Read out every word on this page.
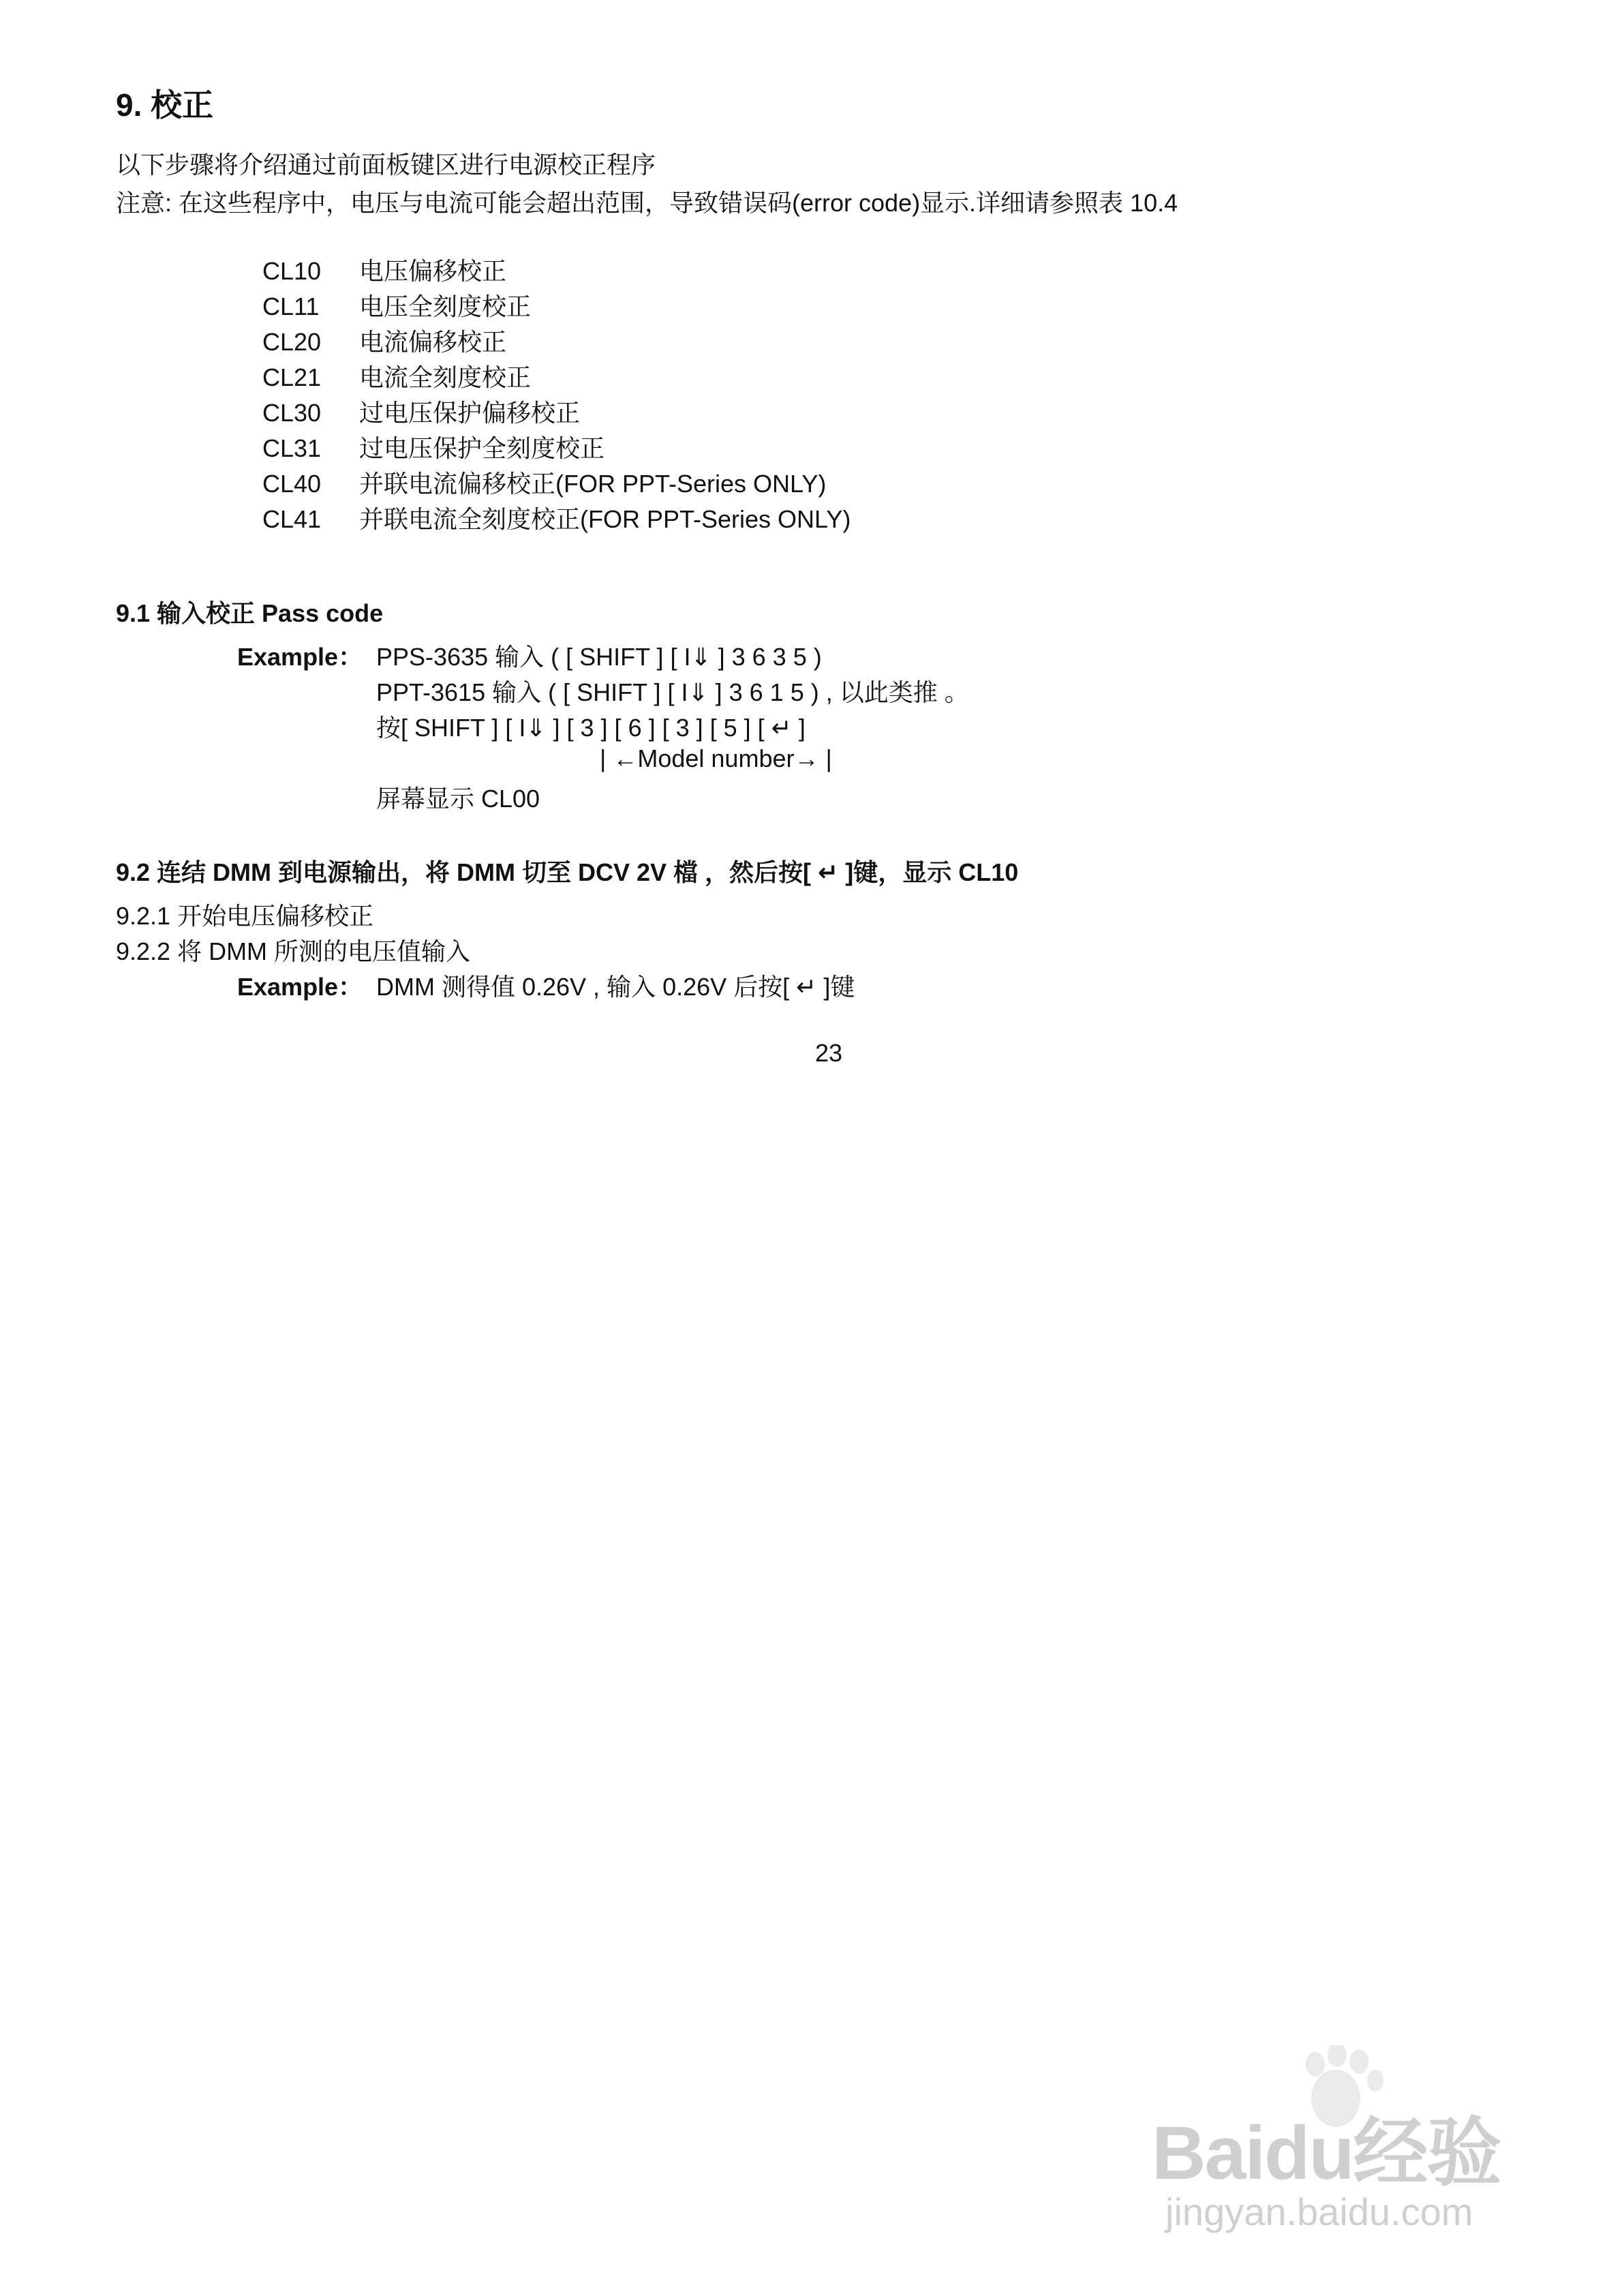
9. 校正
以下步骤将介绍通过前面板键区进行电源校正程序
注意: 在这些程序中，电压与电流可能会超出范围，导致错误码(error code)显示.详细请参照表 10.4
CL10 电压偏移校正
CL11 电压全刻度校正
CL20 电流偏移校正
CL21 电流全刻度校正
CL30 过电压保护偏移校正
CL31 过电压保护全刻度校正
CL40 并联电流偏移校正(FOR PPT-Series ONLY)
CL41 并联电流全刻度校正(FOR PPT-Series ONLY)
9.1 输入校正 Pass code
Example： PPS-3635 输入 ( [ SHIFT ] [ I⇓ ] 3 6 3 5 )
PPT-3615 输入 ( [ SHIFT ] [ I⇓ ] 3 6 1 5 ) , 以此类推 。
按[ SHIFT ] [ I⇓ ] [ 3 ] [ 6 ] [ 3 ] [ 5 ] [ ↵ ]
| ←Model number→ |
屏幕显示 CL00
9.2 连结 DMM 到电源输出，将 DMM 切至 DCV 2V 檔 ，然后按[ ↵ ]键，显示 CL10
9.2.1 开始电压偏移校正
9.2.2 将 DMM 所测的电压值输入
Example： DMM 测得值 0.26V , 输入 0.26V 后按[ ↵ ]键
23
Baidu经验
jingyan.baidu.com
